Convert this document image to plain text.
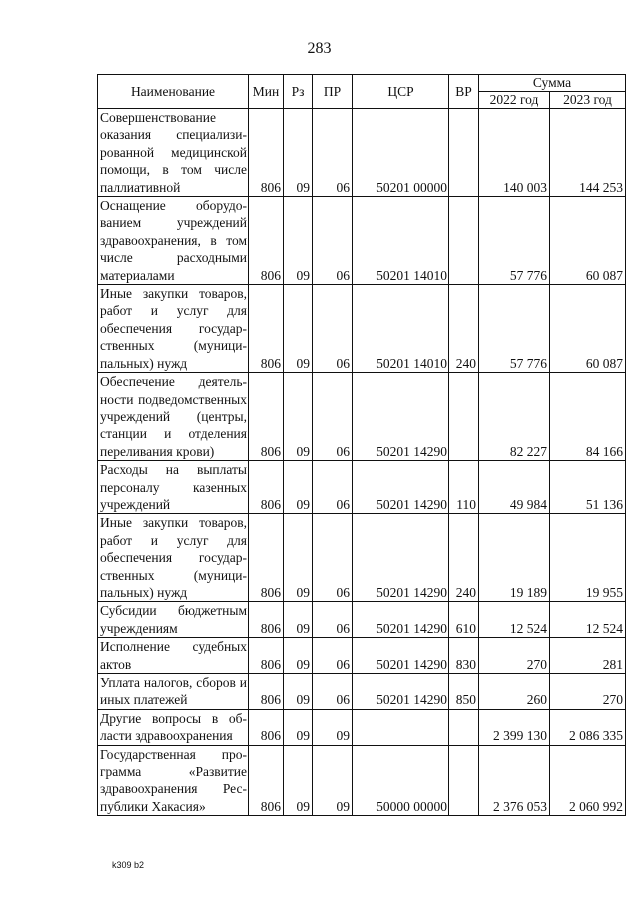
283
Наименование	Мин	Рз	ПР	ЦСР	ВР	Сумма	
						2022 год	2023 год
Совершенствование оказания специализированной медицинской помощи, в том числе паллиативной	806	09	06	50201 00000		140 003	144 253
Оснащение оборудованием учреждений здравоохранения, в том числе расходными материалами	806	09	06	50201 14010		57 776	60 087
Иные закупки товаров, работ и услуг для обеспечения государственных (муниципальных) нужд	806	09	06	50201 14010	240	57 776	60 087
Обеспечение деятельности подведомственных учреждений (центры, станции и отделения переливания крови)	806	09	06	50201 14290		82 227	84 166
Расходы на выплаты персоналу казенных учреждений	806	09	06	50201 14290	110	49 984	51 136
Иные закупки товаров, работ и услуг для обеспечения государственных (муниципальных) нужд	806	09	06	50201 14290	240	19 189	19 955
Субсидии бюджетным учреждениям	806	09	06	50201 14290	610	12 524	12 524
Исполнение судебных актов	806	09	06	50201 14290	830	270	281
Уплата налогов, сборов и иных платежей	806	09	06	50201 14290	850	260	270
Другие вопросы в области здравоохранения	806	09	09			2 399 130	2 086 335
Государственная программа «Развитие здравоохранения Республики Хакасия»	806	09	09	50000 00000		2 376 053	2 060 992
k309 b2
